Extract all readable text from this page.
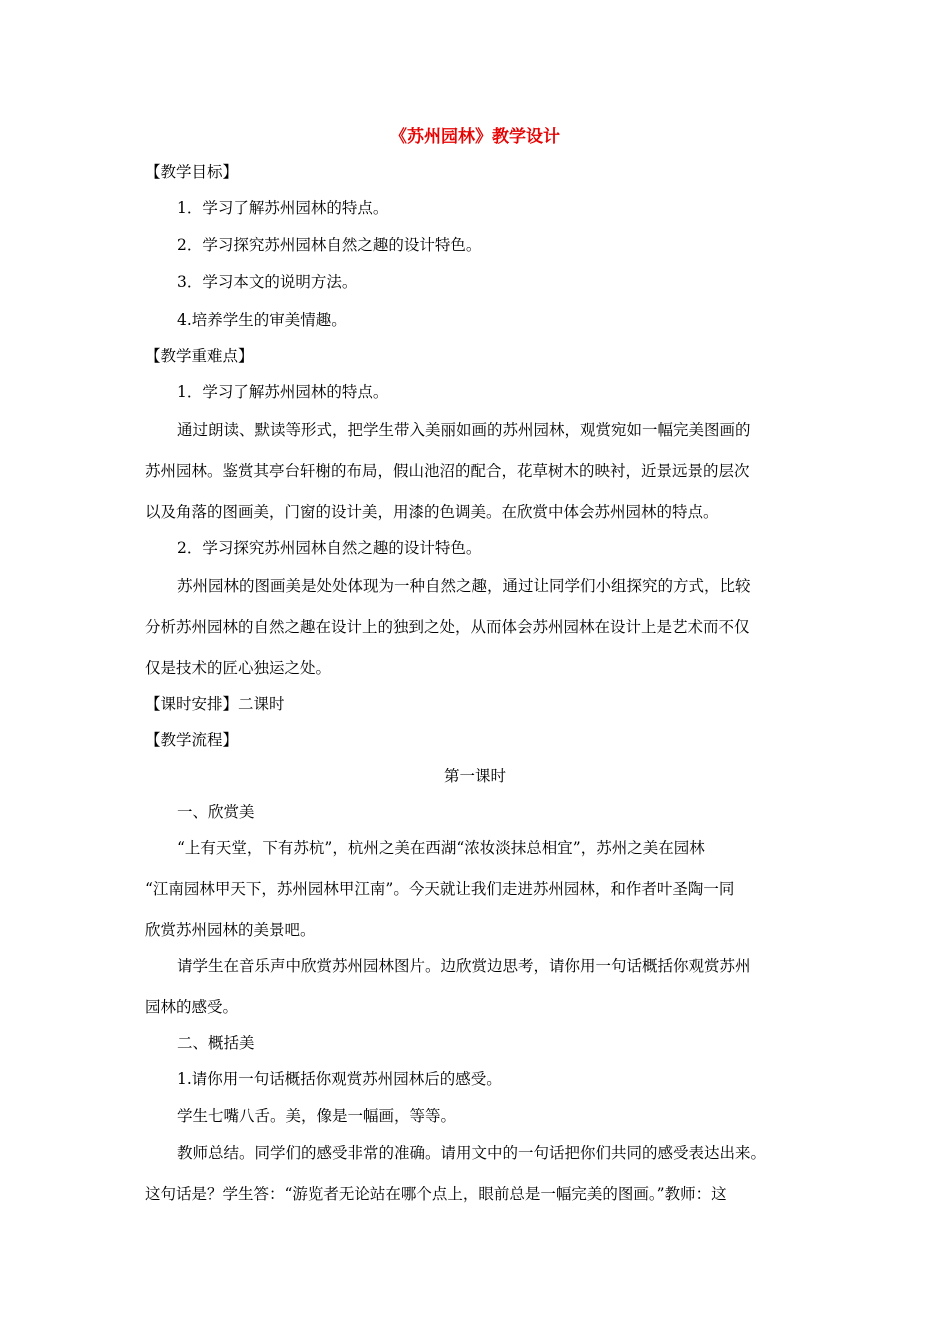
《苏州园林》教学设计

【教学目标】

1．学习了解苏州园林的特点。

2．学习探究苏州园林自然之趣的设计特色。

3．学习本文的说明方法。

4.培养学生的审美情趣。

【教学重难点】

1．学习了解苏州园林的特点。

通过朗读、默读等形式，把学生带入美丽如画的苏州园林，观赏宛如一幅完美图画的

苏州园林。鉴赏其亭台轩榭的布局，假山池沼的配合，花草树木的映衬，近景远景的层次

以及角落的图画美，门窗的设计美，用漆的色调美。在欣赏中体会苏州园林的特点。

2．学习探究苏州园林自然之趣的设计特色。

苏州园林的图画美是处处体现为一种自然之趣，通过让同学们小组探究的方式，比较

分析苏州园林的自然之趣在设计上的独到之处，从而体会苏州园林在设计上是艺术而不仅

仅是技术的匠心独运之处。

【课时安排】二课时

【教学流程】

第一课时

一、欣赏美

“上有天堂，下有苏杭”，杭州之美在西湖“浓妆淡抹总相宜”，苏州之美在园林

“江南园林甲天下，苏州园林甲江南”。今天就让我们走进苏州园林，和作者叶圣陶一同

欣赏苏州园林的美景吧。

请学生在音乐声中欣赏苏州园林图片。边欣赏边思考，请你用一句话概括你观赏苏州

园林的感受。

二、概括美

1.请你用一句话概括你观赏苏州园林后的感受。

学生七嘴八舌。美，像是一幅画，等等。

教师总结。同学们的感受非常的准确。请用文中的一句话把你们共同的感受表达出来。

这句话是？学生答：“游览者无论站在哪个点上，眼前总是一幅完美的图画。”教师：这
